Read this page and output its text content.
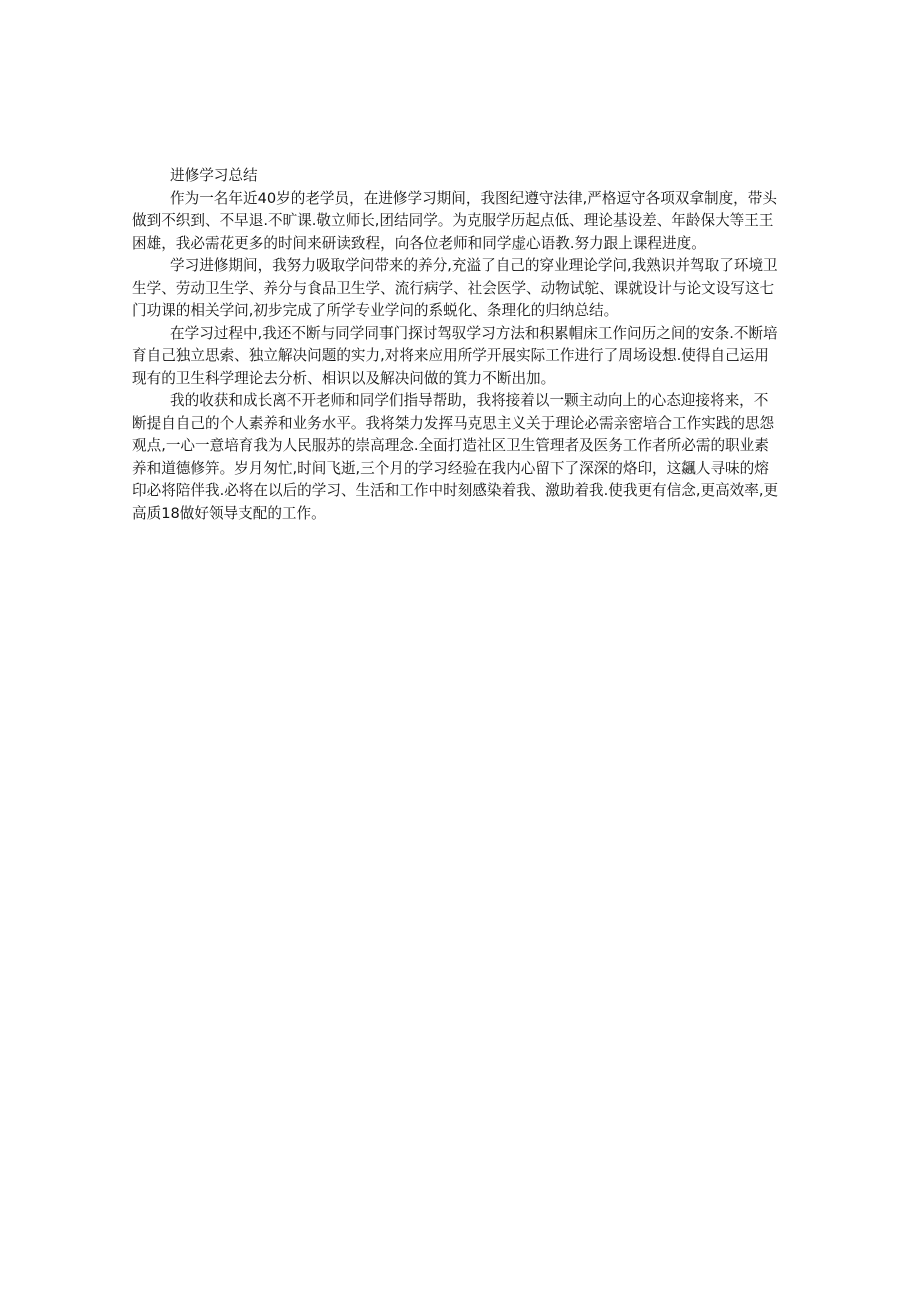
进修学习总结
作为一名年近40岁的老学员，在进修学习期间，我图纪遵守法律,严格逗守各项双拿制度，带头
做到不织到、不早退.不旷课.敬立师长,团结同学。为克服学历起点低、理论基设差、年龄保大等王王
困雄，我必需花更多的时间来研读致程，向各位老师和同学虚心语教.努力跟上课程进度。
学习进修期间，我努力吸取学问带来的养分,充溢了自己的穿业理论学问,我熟识并驾取了环境卫
生学、劳动卫生学、养分与食品卫生学、流行病学、社会医学、动物试鸵、课就设计与论文设写这七
门功课的相关学问,初步完成了所学专业学问的系蜕化、条理化的归纳总结。
在学习过程中,我还不断与同学同事门探讨驾驭学习方法和积累帽床工作问历之间的安条.不断培
育自己独立思索、独立解决问题的实力,对将来应用所学开展实际工作进行了周场设想.使得自己运用
现有的卫生科学理论去分析、相识以及解决问做的箕力不断出加。
我的收获和成长离不开老师和同学们指导帮助，我将接着以一颗主动向上的心态迎接将来，不
断提自自己的个人素养和业务水平。我将桀力发挥马克思主义关于理论必需亲密培合工作实践的思怨
观点,一心一意培育我为人民服苏的崇高理念.全面打造社区卫生管理者及医务工作者所必需的职业素
养和道德修笄。岁月匆忙,时间飞逝,三个月的学习经验在我内心留下了深深的烙印，这飊人寻味的熔
印必将陪伴我.必将在以后的学习、生活和工作中时刻感染着我、激助着我.使我更有信念,更高效率,更
高质18做好领导支配的工作。
